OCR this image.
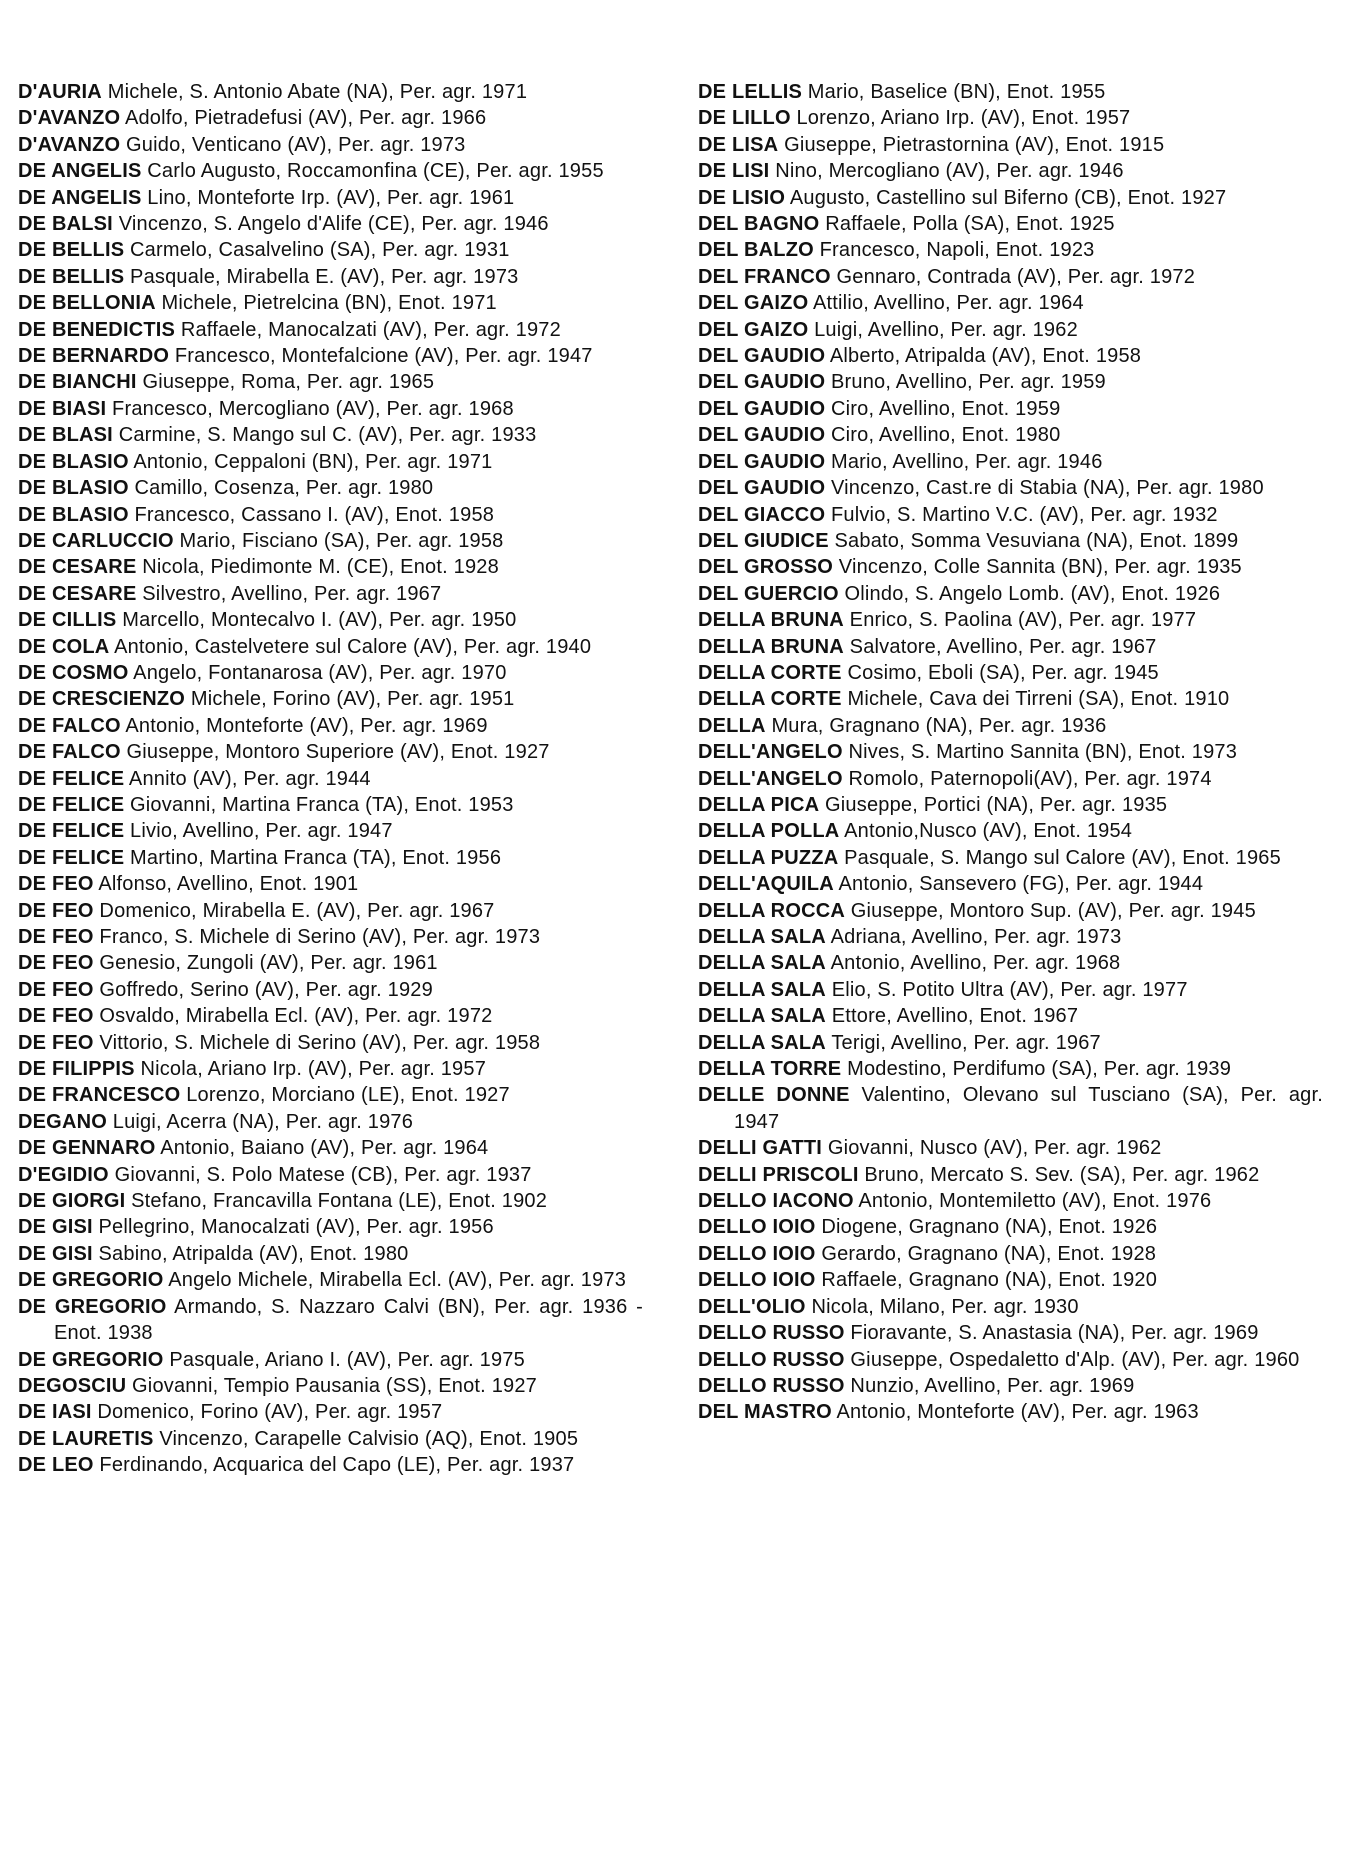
D'AURIA Michele, S. Antonio Abate (NA), Per. agr. 1971

D'AVANZO Adolfo, Pietradefusi (AV), Per. agr. 1966

D'AVANZO Guido, Venticano (AV), Per. agr. 1973

DE ANGELIS Carlo Augusto, Roccamonfina (CE), Per. agr. 1955

DE ANGELIS Lino, Monteforte Irp. (AV), Per. agr. 1961

DE BALSI Vincenzo, S. Angelo d'Alife (CE), Per. agr. 1946

DE BELLIS Carmelo, Casalvelino (SA), Per. agr. 1931

DE BELLIS Pasquale, Mirabella E. (AV), Per. agr. 1973

DE BELLONIA Michele, Pietrelcina (BN), Enot. 1971

DE BENEDICTIS Raffaele, Manocalzati (AV), Per. agr. 1972

DE BERNARDO Francesco, Montefalcione (AV), Per. agr. 1947

DE BIANCHI Giuseppe, Roma, Per. agr. 1965

DE BIASI Francesco, Mercogliano (AV), Per. agr. 1968

DE BLASI Carmine, S. Mango sul C. (AV), Per. agr. 1933

DE BLASIO Antonio, Ceppaloni (BN), Per. agr. 1971

DE BLASIO Camillo, Cosenza, Per. agr. 1980

DE BLASIO Francesco, Cassano I. (AV), Enot. 1958

DE CARLUCCIO Mario, Fisciano (SA), Per. agr. 1958

DE CESARE Nicola, Piedimonte M. (CE), Enot. 1928

DE CESARE Silvestro, Avellino, Per. agr. 1967

DE CILLIS Marcello, Montecalvo I. (AV), Per. agr. 1950

DE COLA Antonio, Castelvetere sul Calore (AV), Per. agr. 1940

DE COSMO Angelo, Fontanarosa (AV), Per. agr. 1970

DE CRESCIENZO Michele, Forino (AV), Per. agr. 1951

DE FALCO Antonio, Monteforte (AV), Per. agr. 1969

DE FALCO Giuseppe, Montoro Superiore (AV), Enot. 1927

DE FELICE Annito (AV), Per. agr. 1944

DE FELICE Giovanni, Martina Franca (TA), Enot. 1953

DE FELICE Livio, Avellino, Per. agr. 1947

DE FELICE Martino, Martina Franca (TA), Enot. 1956

DE FEO Alfonso, Avellino, Enot. 1901

DE FEO Domenico, Mirabella E. (AV), Per. agr. 1967

DE FEO Franco, S. Michele di Serino (AV), Per. agr. 1973

DE FEO Genesio, Zungoli (AV), Per. agr. 1961

DE FEO Goffredo, Serino (AV), Per. agr. 1929

DE FEO Osvaldo, Mirabella Ecl. (AV), Per. agr. 1972

DE FEO Vittorio, S. Michele di Serino (AV), Per. agr. 1958

DE FILIPPIS Nicola, Ariano Irp. (AV), Per. agr. 1957

DE FRANCESCO Lorenzo, Morciano (LE), Enot. 1927

DEGANO Luigi, Acerra (NA), Per. agr. 1976

DE GENNARO Antonio, Baiano (AV), Per. agr. 1964

D'EGIDIO Giovanni, S. Polo Matese (CB), Per. agr. 1937

DE GIORGI Stefano, Francavilla Fontana (LE), Enot. 1902

DE GISI Pellegrino, Manocalzati (AV), Per. agr. 1956

DE GISI Sabino, Atripalda (AV), Enot. 1980

DE GREGORIO Angelo Michele, Mirabella Ecl. (AV), Per. agr. 1973

DE GREGORIO Armando, S. Nazzaro Calvi (BN), Per. agr. 1936 - Enot. 1938

DE GREGORIO Pasquale, Ariano I. (AV), Per. agr. 1975

DEGOSCIU Giovanni, Tempio Pausania (SS), Enot. 1927

DE IASI Domenico, Forino (AV), Per. agr. 1957

DE LAURETIS Vincenzo, Carapelle Calvisio (AQ), Enot. 1905

DE LEO Ferdinando, Acquarica del Capo (LE), Per. agr. 1937

DE LELLIS Mario, Baselice (BN), Enot. 1955

DE LILLO Lorenzo, Ariano Irp. (AV), Enot. 1957

DE LISA Giuseppe, Pietrastornina (AV), Enot. 1915

DE LISI Nino, Mercogliano (AV), Per. agr. 1946

DE LISIO Augusto, Castellino sul Biferno (CB), Enot. 1927

DEL BAGNO Raffaele, Polla (SA), Enot. 1925

DEL BALZO Francesco, Napoli, Enot. 1923

DEL FRANCO Gennaro, Contrada (AV), Per. agr. 1972

DEL GAIZO Attilio, Avellino, Per. agr. 1964

DEL GAIZO Luigi, Avellino, Per. agr. 1962

DEL GAUDIO Alberto, Atripalda (AV), Enot. 1958

DEL GAUDIO Bruno, Avellino, Per. agr. 1959

DEL GAUDIO Ciro, Avellino, Enot. 1959

DEL GAUDIO Ciro, Avellino, Enot. 1980

DEL GAUDIO Mario, Avellino, Per. agr. 1946

DEL GAUDIO Vincenzo, Cast.re di Stabia (NA), Per. agr. 1980

DEL GIACCO Fulvio, S. Martino V.C. (AV), Per. agr. 1932

DEL GIUDICE Sabato, Somma Vesuviana (NA), Enot. 1899

DEL GROSSO Vincenzo, Colle Sannita (BN), Per. agr. 1935

DEL GUERCIO Olindo, S. Angelo Lomb. (AV), Enot. 1926

DELLA BRUNA Enrico, S. Paolina (AV), Per. agr. 1977

DELLA BRUNA Salvatore, Avellino, Per. agr. 1967

DELLA CORTE Cosimo, Eboli (SA), Per. agr. 1945

DELLA CORTE Michele, Cava dei Tirreni (SA), Enot. 1910

DELLA Mura, Gragnano (NA), Per. agr. 1936

DELL'ANGELO Nives, S. Martino Sannita (BN), Enot. 1973

DELL'ANGELO Romolo, Paternopoli(AV), Per. agr. 1974

DELLA PICA Giuseppe, Portici (NA), Per. agr. 1935

DELLA POLLA Antonio,Nusco (AV), Enot. 1954

DELLA PUZZA Pasquale, S. Mango sul Calore (AV), Enot. 1965

DELL'AQUILA Antonio, Sansevero (FG), Per. agr. 1944

DELLA ROCCA Giuseppe, Montoro Sup. (AV), Per. agr. 1945

DELLA SALA Adriana, Avellino, Per. agr. 1973

DELLA SALA Antonio, Avellino, Per. agr. 1968

DELLA SALA Elio, S. Potito Ultra (AV), Per. agr. 1977

DELLA SALA Ettore, Avellino, Enot. 1967

DELLA SALA Terigi, Avellino, Per. agr. 1967

DELLA TORRE Modestino, Perdifumo (SA), Per. agr. 1939

DELLE DONNE Valentino, Olevano sul Tusciano (SA), Per. agr. 1947

DELLI GATTI Giovanni, Nusco (AV), Per. agr. 1962

DELLI PRISCOLI Bruno, Mercato S. Sev. (SA), Per. agr. 1962

DELLO IACONO Antonio, Montemiletto (AV), Enot. 1976

DELLO IOIO Diogene, Gragnano (NA), Enot. 1926

DELLO IOIO Gerardo, Gragnano (NA), Enot. 1928

DELLO IOIO Raffaele, Gragnano (NA), Enot. 1920

DELL'OLIO Nicola, Milano, Per. agr. 1930

DELLO RUSSO Fioravante, S. Anastasia (NA), Per. agr. 1969

DELLO RUSSO Giuseppe, Ospedaletto d'Alp. (AV), Per. agr. 1960

DELLO RUSSO Nunzio, Avellino, Per. agr. 1969

DEL MASTRO Antonio, Monteforte (AV), Per. agr. 1963
